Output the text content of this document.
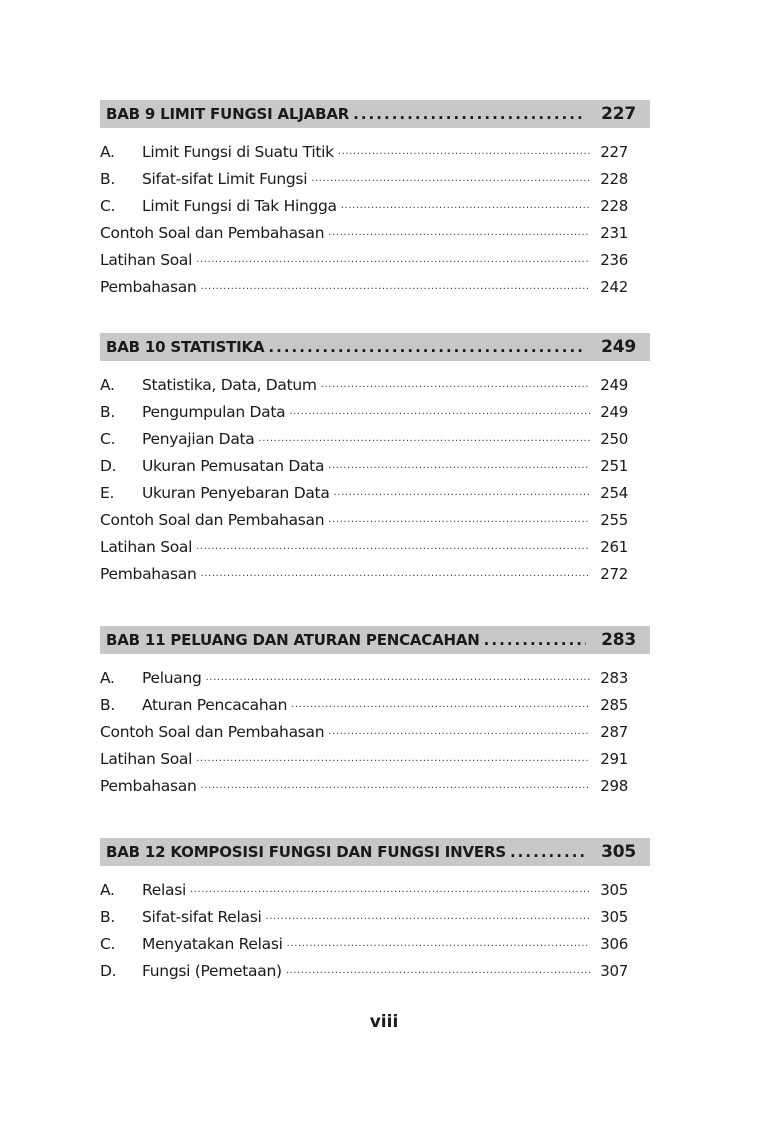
BAB 9 LIMIT FUNGSI ALJABAR . . .	227
A.	Limit Fungsi di Suatu Titik .....	227
B.	Sifat-sifat Limit Fungsi .....	228
C.	Limit Fungsi di Tak Hingga .....	228
Contoh Soal dan Pembahasan .....	231
Latihan Soal .....	236
Pembahasan .....	242
BAB 10 STATISTIKA . . .	249
A.	Statistika, Data, Datum .....	249
B.	Pengumpulan Data .....	249
C.	Penyajian Data .....	250
D.	Ukuran Pemusatan Data .....	251
E.	Ukuran Penyebaran Data .....	254
Contoh Soal dan Pembahasan .....	255
Latihan Soal .....	261
Pembahasan .....	272
BAB 11 PELUANG DAN ATURAN PENCACAHAN . . .	283
A.	Peluang .....	283
B.	Aturan Pencacahan .....	285
Contoh Soal dan Pembahasan .....	287
Latihan Soal .....	291
Pembahasan .....	298
BAB 12 KOMPOSISI FUNGSI DAN FUNGSI INVERS . . .	305
A.	Relasi .....	305
B.	Sifat-sifat Relasi .....	305
C.	Menyatakan Relasi .....	306
D.	Fungsi (Pemetaan) .....	307
viii
